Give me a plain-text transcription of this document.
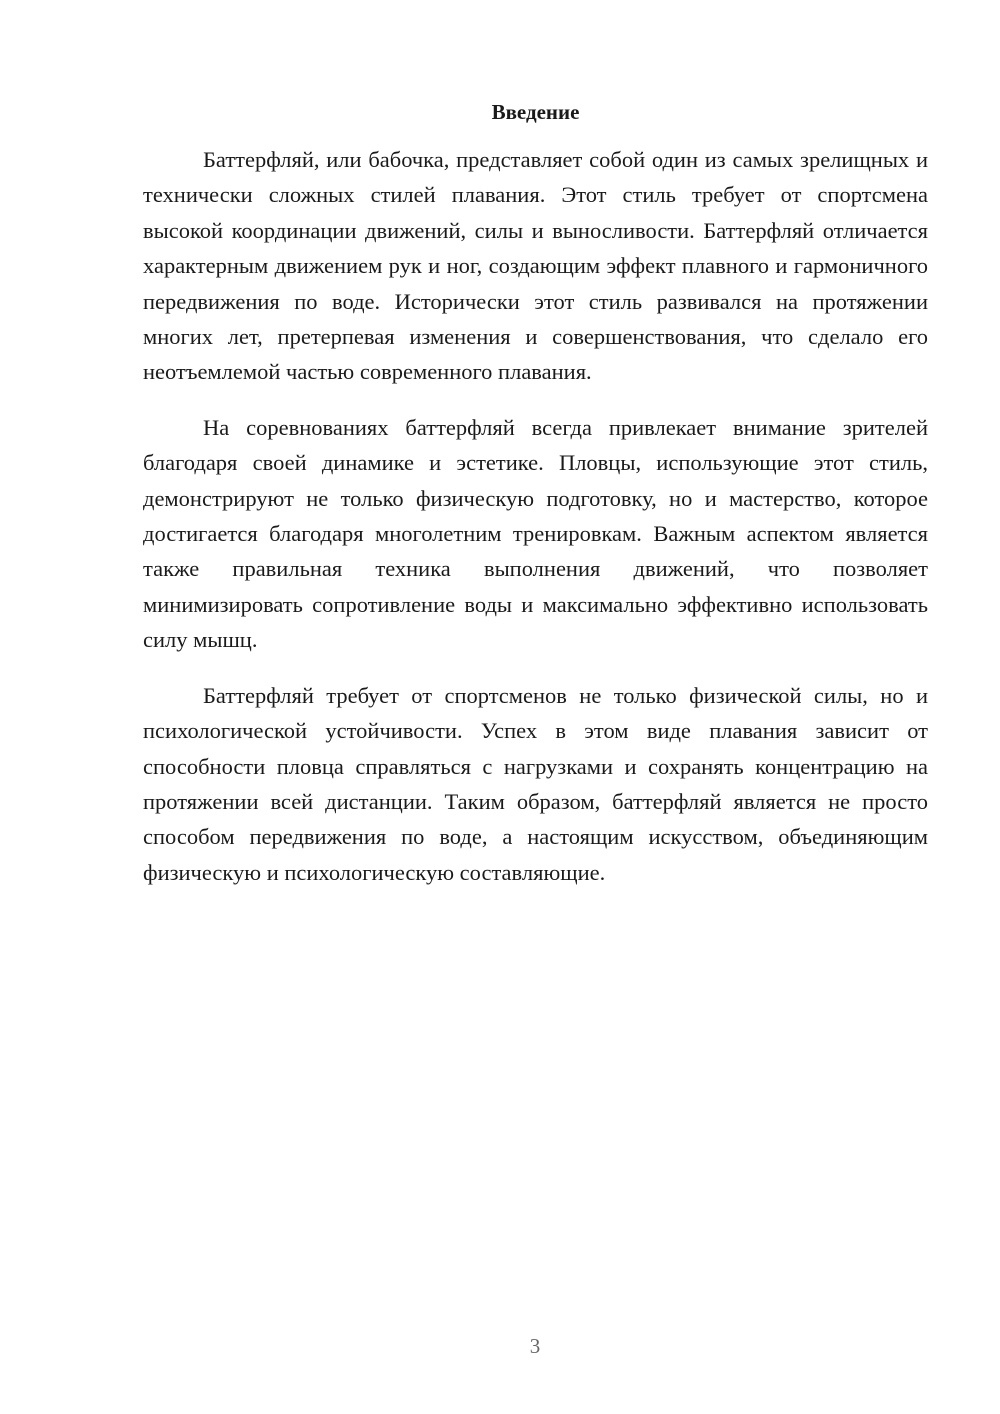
Введение

Баттерфляй, или бабочка, представляет собой один из самых зрелищных и технически сложных стилей плавания. Этот стиль требует от спортсмена высокой координации движений, силы и выносливости. Баттерфляй отличается характерным движением рук и ног, создающим эффект плавного и гармоничного передвижения по воде. Исторически этот стиль развивался на протяжении многих лет, претерпевая изменения и совершенствования, что сделало его неотъемлемой частью современного плавания.

На соревнованиях баттерфляй всегда привлекает внимание зрителей благодаря своей динамике и эстетике. Пловцы, использующие этот стиль, демонстрируют не только физическую подготовку, но и мастерство, которое достигается благодаря многолетним тренировкам. Важным аспектом является также правильная техника выполнения движений, что позволяет минимизировать сопротивление воды и максимально эффективно использовать силу мышц.

Баттерфляй требует от спортсменов не только физической силы, но и психологической устойчивости. Успех в этом виде плавания зависит от способности пловца справляться с нагрузками и сохранять концентрацию на протяжении всей дистанции. Таким образом, баттерфляй является не просто способом передвижения по воде, а настоящим искусством, объединяющим физическую и психологическую составляющие.

3
